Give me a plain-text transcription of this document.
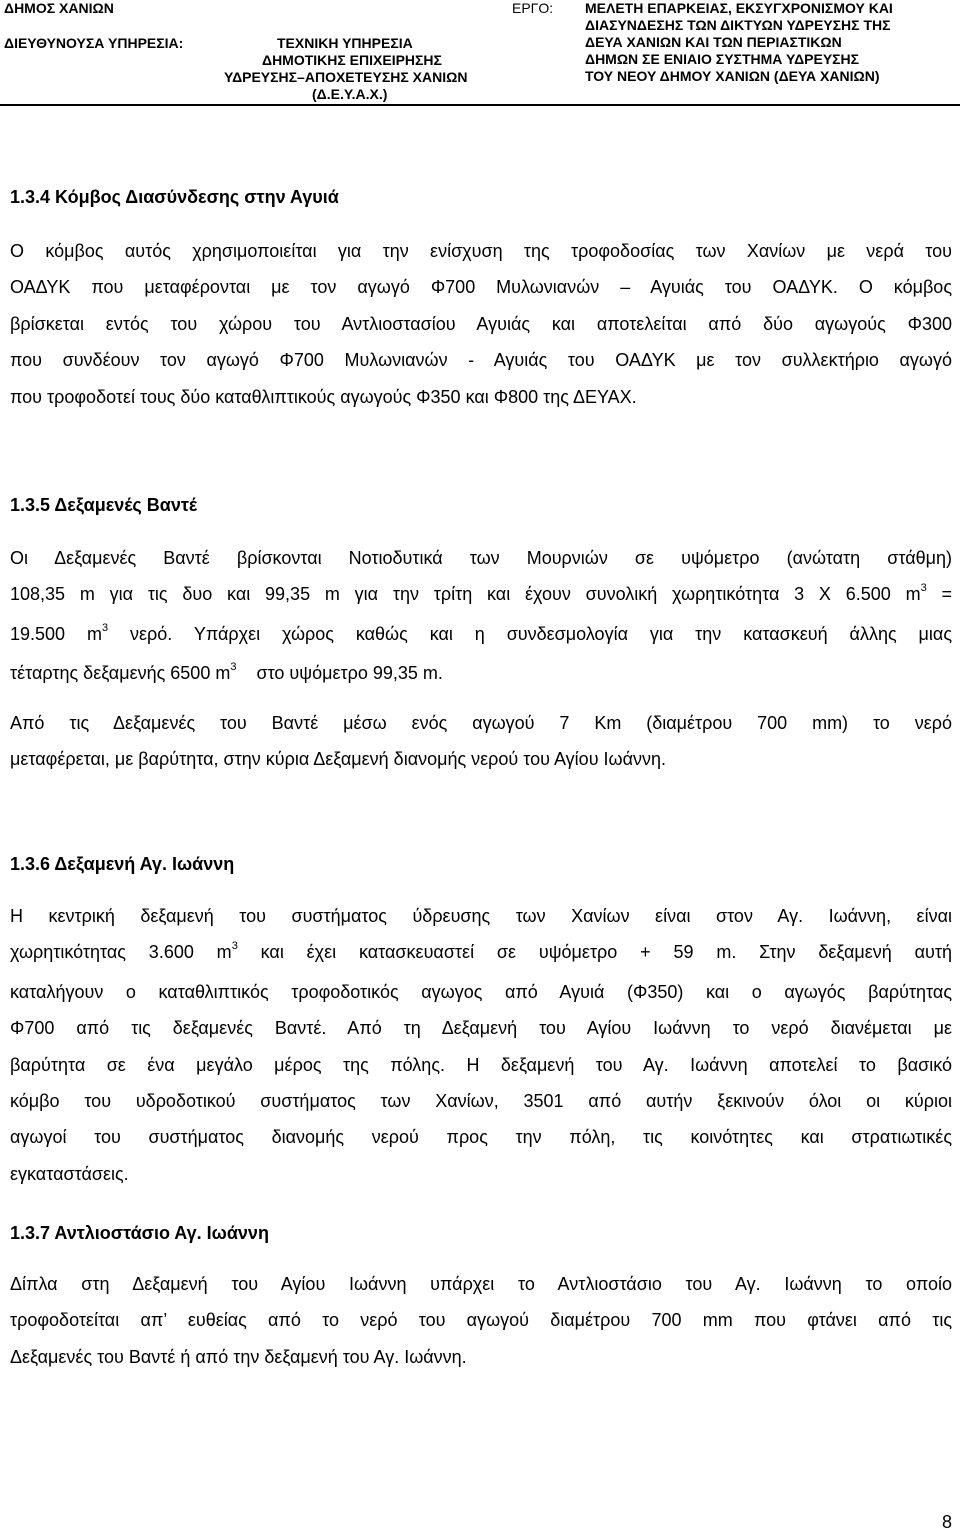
ΔΗΜΟΣ ΧΑΝΙΩΝ
ΔΙΕΥΘΥΝΟΥΣΑ ΥΠΗΡΕΣΙΑ:	ΤΕΧΝΙΚΗ ΥΠΗΡΕΣΙΑ
ΔΗΜΟΤΙΚΗΣ ΕΠΙΧΕΙΡΗΣΗΣ
ΥΔΡΕΥΣΗΣ–ΑΠΟΧΕΤΕΥΣΗΣ ΧΑΝΙΩΝ
(Δ.Ε.Υ.Α.Χ.)
ΕΡΓΟ: ΜΕΛΕΤΗ ΕΠΑΡΚΕΙΑΣ, ΕΚΣΥΓΧΡΟΝΙΣΜΟΥ ΚΑΙ
ΔΙΑΣΥΝΔΕΣΗΣ ΤΩΝ ΔΙΚΤΥΩΝ ΥΔΡΕΥΣΗΣ ΤΗΣ
ΔΕΥΑ ΧΑΝΙΩΝ ΚΑΙ ΤΩΝ ΠΕΡΙΑΣΤΙΚΩΝ
ΔΗΜΩΝ ΣΕ ΕΝΙΑΙΟ ΣΥΣΤΗΜΑ ΥΔΡΕΥΣΗΣ
ΤΟΥ ΝΕΟΥ ΔΗΜΟΥ ΧΑΝΙΩΝ (ΔΕΥΑ ΧΑΝΙΩΝ)
1.3.4 Κόμβος Διασύνδεσης στην Αγυιά

Ο κόμβος αυτός χρησιμοποιείται για την ενίσχυση της τροφοδοσίας των Χανίων με νερά του
ΟΑΔΥΚ που μεταφέρονται με τον αγωγό Φ700 Μυλωνιανών – Αγυιάς του ΟΑΔΥΚ. Ο κόμβος
βρίσκεται εντός του χώρου του Αντλιοστασίου Αγυιάς και αποτελείται από δύο αγωγούς Φ300
που συνδέουν τον αγωγό Φ700 Μυλωνιανών - Αγυιάς του ΟΑΔΥΚ με τον συλλεκτήριο αγωγό
που τροφοδοτεί τους δύο καταθλιπτικούς αγωγούς Φ350 και Φ800 της ΔΕΥΑΧ.

1.3.5 Δεξαμενές Βαντέ

Οι Δεξαμενές Βαντέ βρίσκονται Νοτιοδυτικά των Μουρνιών σε υψόμετρο (ανώτατη στάθμη)
108,35 m για τις δυο και 99,35 m για την τρίτη και έχουν συνολική χωρητικότητα 3 Χ 6.500 $m^3$ =
19.500 $m^3$ νερό. Υπάρχει χώρος καθώς και η συνδεσμολογία για την κατασκευή άλλης μιας
τέταρτης δεξαμενής 6500 $m^3$    στο υψόμετρο 99,35 m.

Από τις Δεξαμενές του Βαντέ μέσω ενός αγωγού 7 Km (διαμέτρου 700 mm) το νερό
μεταφέρεται, με βαρύτητα, στην κύρια Δεξαμενή διανομής νερού του Αγίου Ιωάννη.

1.3.6 Δεξαμενή Αγ. Ιωάννη

Η κεντρική δεξαμενή του συστήματος ύδρευσης των Χανίων είναι στον Αγ. Ιωάννη, είναι
χωρητικότητας 3.600 $m^3$ και έχει κατασκευαστεί σε υψόμετρο + 59 m. Στην δεξαμενή αυτή
καταλήγουν ο καταθλιπτικός τροφοδοτικός αγωγος από Αγυιά (Φ350) και ο αγωγός βαρύτητας
Φ700 από τις δεξαμενές Βαντέ. Από τη Δεξαμενή του Αγίου Ιωάννη το νερό διανέμεται με
βαρύτητα σε ένα μεγάλο μέρος της πόλης. Η δεξαμενή του Αγ. Ιωάννη αποτελεί το βασικό
κόμβο του υδροδοτικού συστήματος των Χανίων, 3501 από αυτήν ξεκινούν όλοι οι κύριοι
αγωγοί του συστήματος διανομής νερού προς την πόλη, τις κοινότητες και στρατιωτικές
εγκαταστάσεις.

1.3.7 Αντλιοστάσιο Αγ. Ιωάννη

Δίπλα στη Δεξαμενή του Αγίου Ιωάννη υπάρχει το Αντλιοστάσιο του Αγ. Ιωάννη το οποίο
τροφοδοτείται απ’ ευθείας από το νερό του αγωγού διαμέτρου 700 mm που φτάνει από τις
Δεξαμενές του Βαντέ ή από την δεξαμενή του Αγ. Ιωάννη.

8
